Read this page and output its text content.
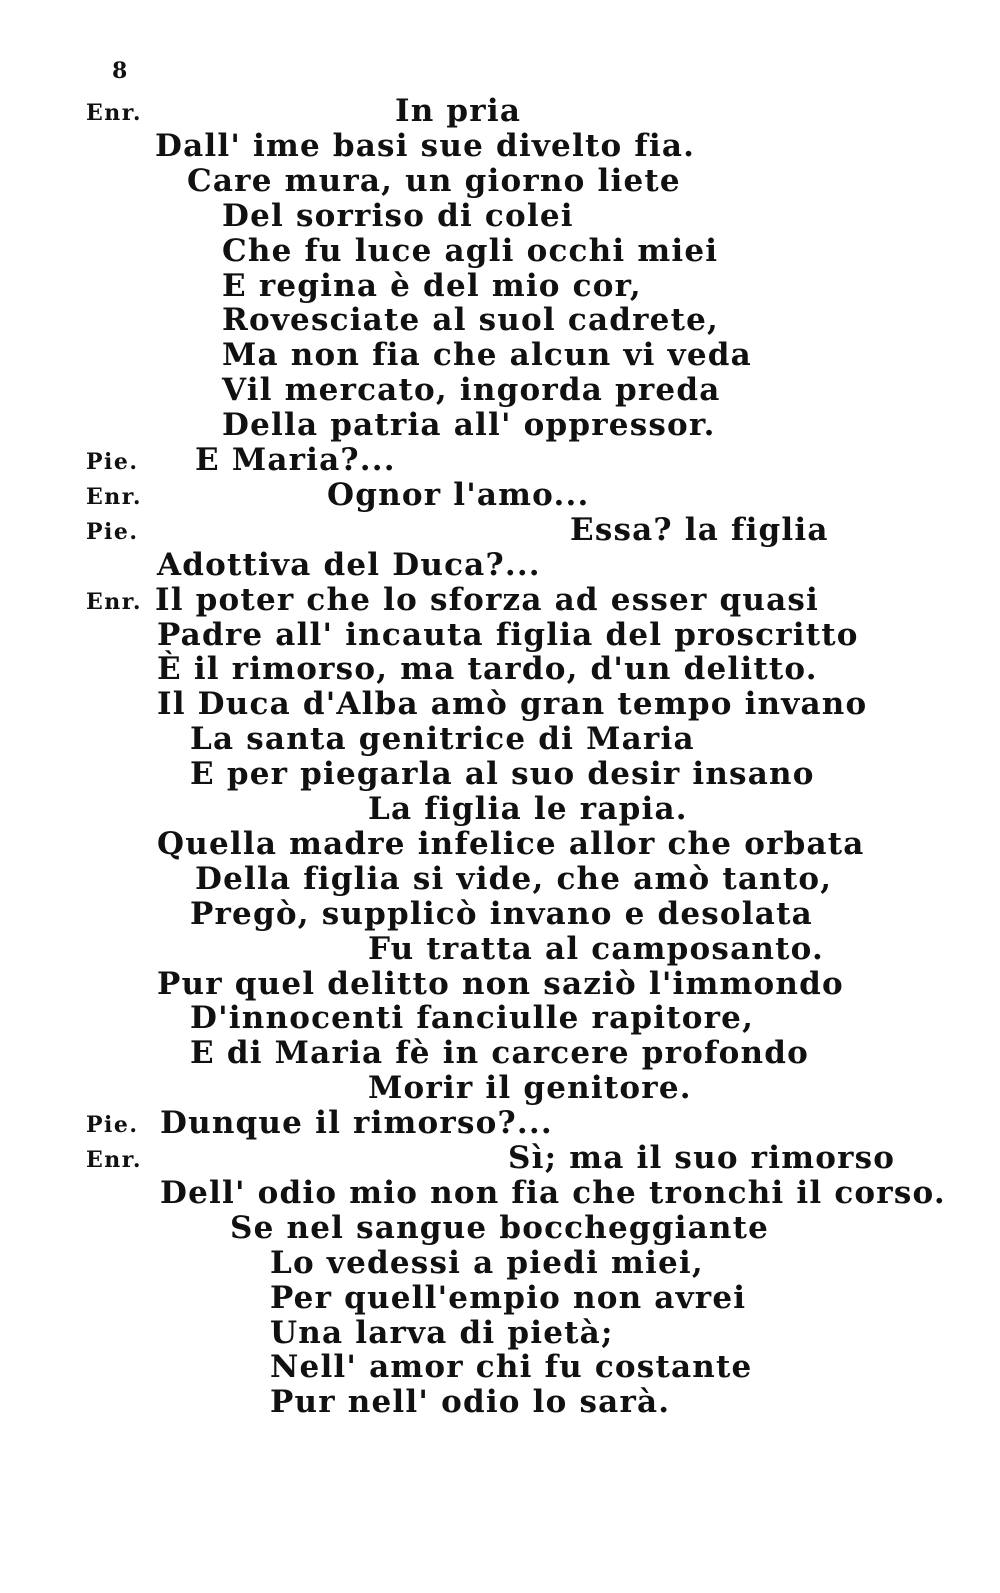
8
Enr.	In pria
Dall' ime basi sue divelto fia.
Care mura, un giorno liete
Del sorriso di colei
Che fu luce agli occhi miei
E regina è del mio cor,
Rovesciate al suol cadrete,
Ma non fia che alcun vi veda
Vil mercato, ingorda preda
Della patria all' oppressor.
Pie. E Maria?...
Enr.	Ognor l'amo...
Pie.	Essa? la figlia
Adottiva del Duca?...
Enr. Il poter che lo sforza ad esser quasi
Padre all' incauta figlia del proscritto
È il rimorso, ma tardo, d'un delitto.
Il Duca d'Alba amò gran tempo invano
La santa genitrice di Maria
E per piegarla al suo desir insano
La figlia le rapia.
Quella madre infelice allor che orbata
Della figlia si vide, che amò tanto,
Pregò, supplicò invano e desolata
Fu tratta al camposanto.
Pur quel delitto non saziò l'immondo
D'innocenti fanciulle rapitore,
E di Maria fè in carcere profondo
Morir il genitore.
Pie. Dunque il rimorso?...
Enr.	Sì; ma il suo rimorso
Dell' odio mio non fia che tronchi il corso.
Se nel sangue boccheggiante
Lo vedessi a piedi miei,
Per quell'empio non avrei
Una larva di pietà;
Nell' amor chi fu costante
Pur nell' odio lo sarà.
